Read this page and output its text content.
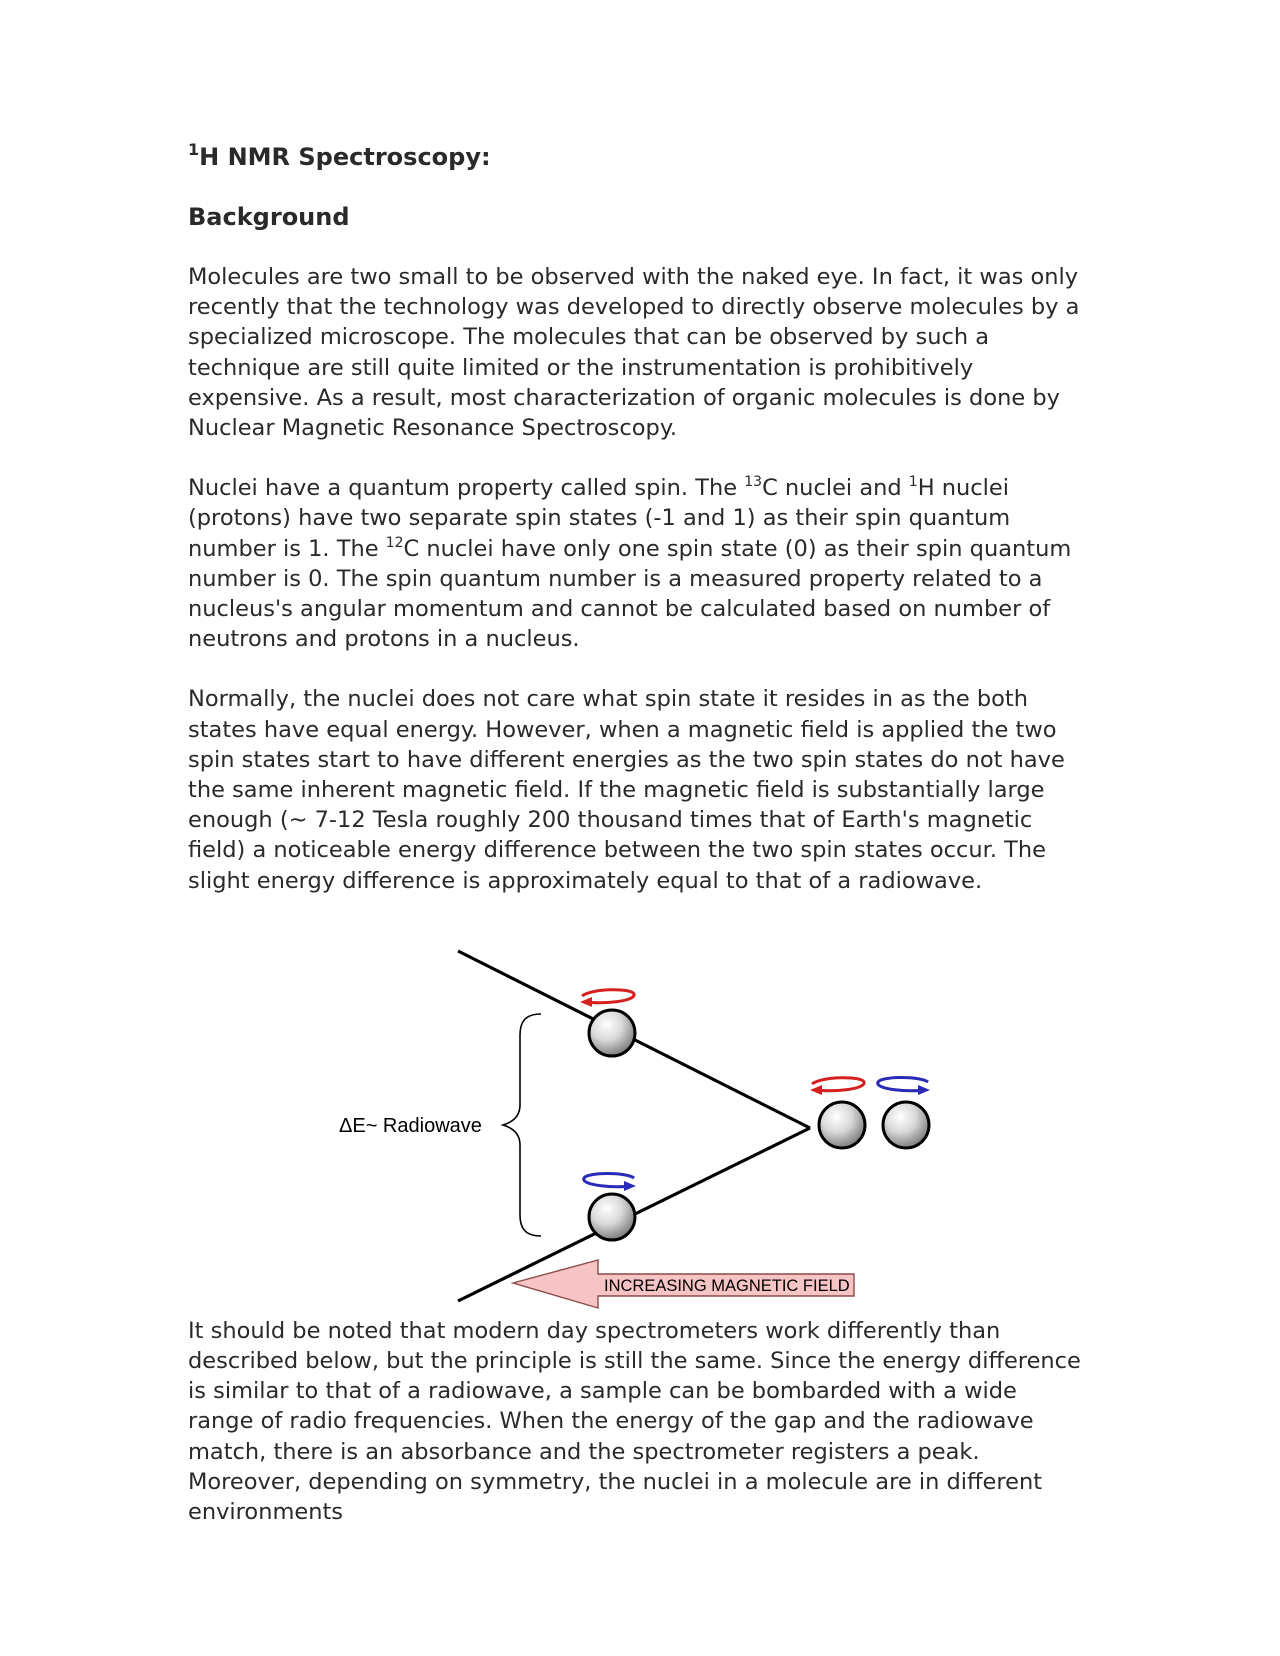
$^1$H NMR Spectroscopy:
Background

Molecules are two small to be observed with the naked eye. In fact, it was only recently that the technology was developed to directly observe molecules by a specialized microscope. The molecules that can be observed by such a technique are still quite limited or the instrumentation is prohibitively expensive. As a result, most characterization of organic molecules is done by Nuclear Magnetic Resonance Spectroscopy.

Nuclei have a quantum property called spin. The $^{13}$C nuclei and $^1$H nuclei (protons) have two separate spin states (-1 and 1) as their spin quantum number is 1. The $^{12}$C nuclei have only one spin state (0) as their spin quantum number is 0. The spin quantum number is a measured property related to a nucleus's angular momentum and cannot be calculated based on number of neutrons and protons in a nucleus.

Normally, the nuclei does not care what spin state it resides in as the both states have equal energy. However, when a magnetic field is applied the two spin states start to have different energies as the two spin states do not have the same inherent magnetic field. If the magnetic field is substantially large enough (~ 7-12 Tesla roughly 200 thousand times that of Earth's magnetic field) a noticeable energy difference between the two spin states occur. The slight energy difference is approximately equal to that of a radiowave.

ΔE~ Radiowave
INCREASING MAGNETIC FIELD

It should be noted that modern day spectrometers work differently than described below, but the principle is still the same. Since the energy difference is similar to that of a radiowave, a sample can be bombarded with a wide range of radio frequencies. When the energy of the gap and the radiowave match, there is an absorbance and the spectrometer registers a peak. Moreover, depending on symmetry, the nuclei in a molecule are in different environments
